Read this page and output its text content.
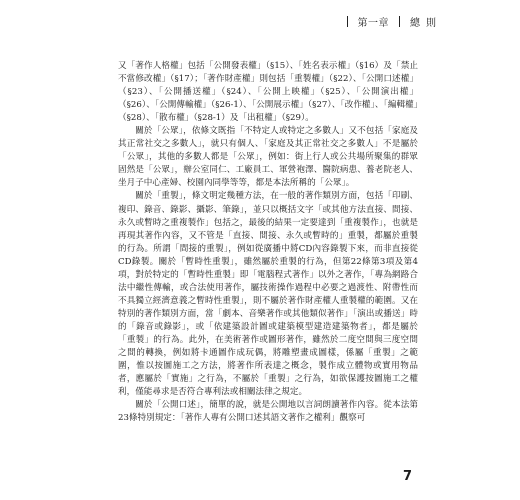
第一章 總則

又「著作人格權」包括「公開發表權」（§15）、「姓名表示權」（§16）及「禁止不當修改權」（§17）；「著作財產權」則包括「重製權」（§22）、「公開口述權」（§23）、「公開播送權」（§24）、「公開上映權」（§25）、「公開演出權」（§26）、「公開傳輸權」（§26-1）、「公開展示權」（§27）、「改作權」、「編輯權」（§28）、「散布權」（§28-1）及「出租權」（§29）。

關於「公眾」，依條文既指「不特定人或特定之多數人」又不包括「家庭及其正常社交之多數人」，就只有個人、「家庭及其正常社交之多數人」不是屬於「公眾」，其他的多數人都是「公眾」，例如：街上行人或公共場所聚集的群眾固然是「公眾」，辦公室同仁、工廠員工、軍營袍澤、醫院病患、養老院老人、坐月子中心產婦、校園內同學等等，都是本法所稱的「公眾」。

關於「重製」，條文明定幾種方法，在一般的著作類別方面，包括「印刷、複印、錄音、錄影、攝影、筆錄」，並只以概括文字「或其他方法直接、間接、永久或暫時之重複製作」包括之，最後的結果一定要達到「重複製作」，也就是再現其著作內容，又不管是「直接、間接、永久或暫時的」重製，都屬於重製的行為。所謂「間接的重製」，例如從廣播中將CD內容錄製下來，而非直接從CD錄製。關於「暫時性重製」，雖然屬於重製的行為，但第22條第3項及第4項，對於特定的「暫時性重製」即「電腦程式著作」以外之著作，「專為網路合法中繼性傳輸，或合法使用著作，屬技術操作過程中必要之過渡性、附帶性而不具獨立經濟意義之暫時性重製」，則不屬於著作財產權人重製權的範圍。又在特別的著作類別方面，當「劇本、音樂著作或其他類似著作」「演出或播送」時的「錄音或錄影」，或「依建築設計圖或建築模型建造建築物者」，都是屬於「重製」的行為。此外，在美術著作或圖形著作，雖然於二度空間與三度空間之間的轉換，例如將卡通圖作成玩偶，將雕塑畫成圖樣，係屬「重製」之範圍，惟以按圖施工之方法，將著作所表達之概念，製作成立體物或實用物品者，應屬於「實施」之行為，不屬於「重製」之行為，如欲保護按圖施工之權利，僅能尋求是否符合專利法或相關法律之規定。

關於「公開口述」，簡單的說，就是公開地以言詞朗讀著作內容。從本法第23條特別規定：「著作人專有公開口述其語文著作之權利」觀察可

7
